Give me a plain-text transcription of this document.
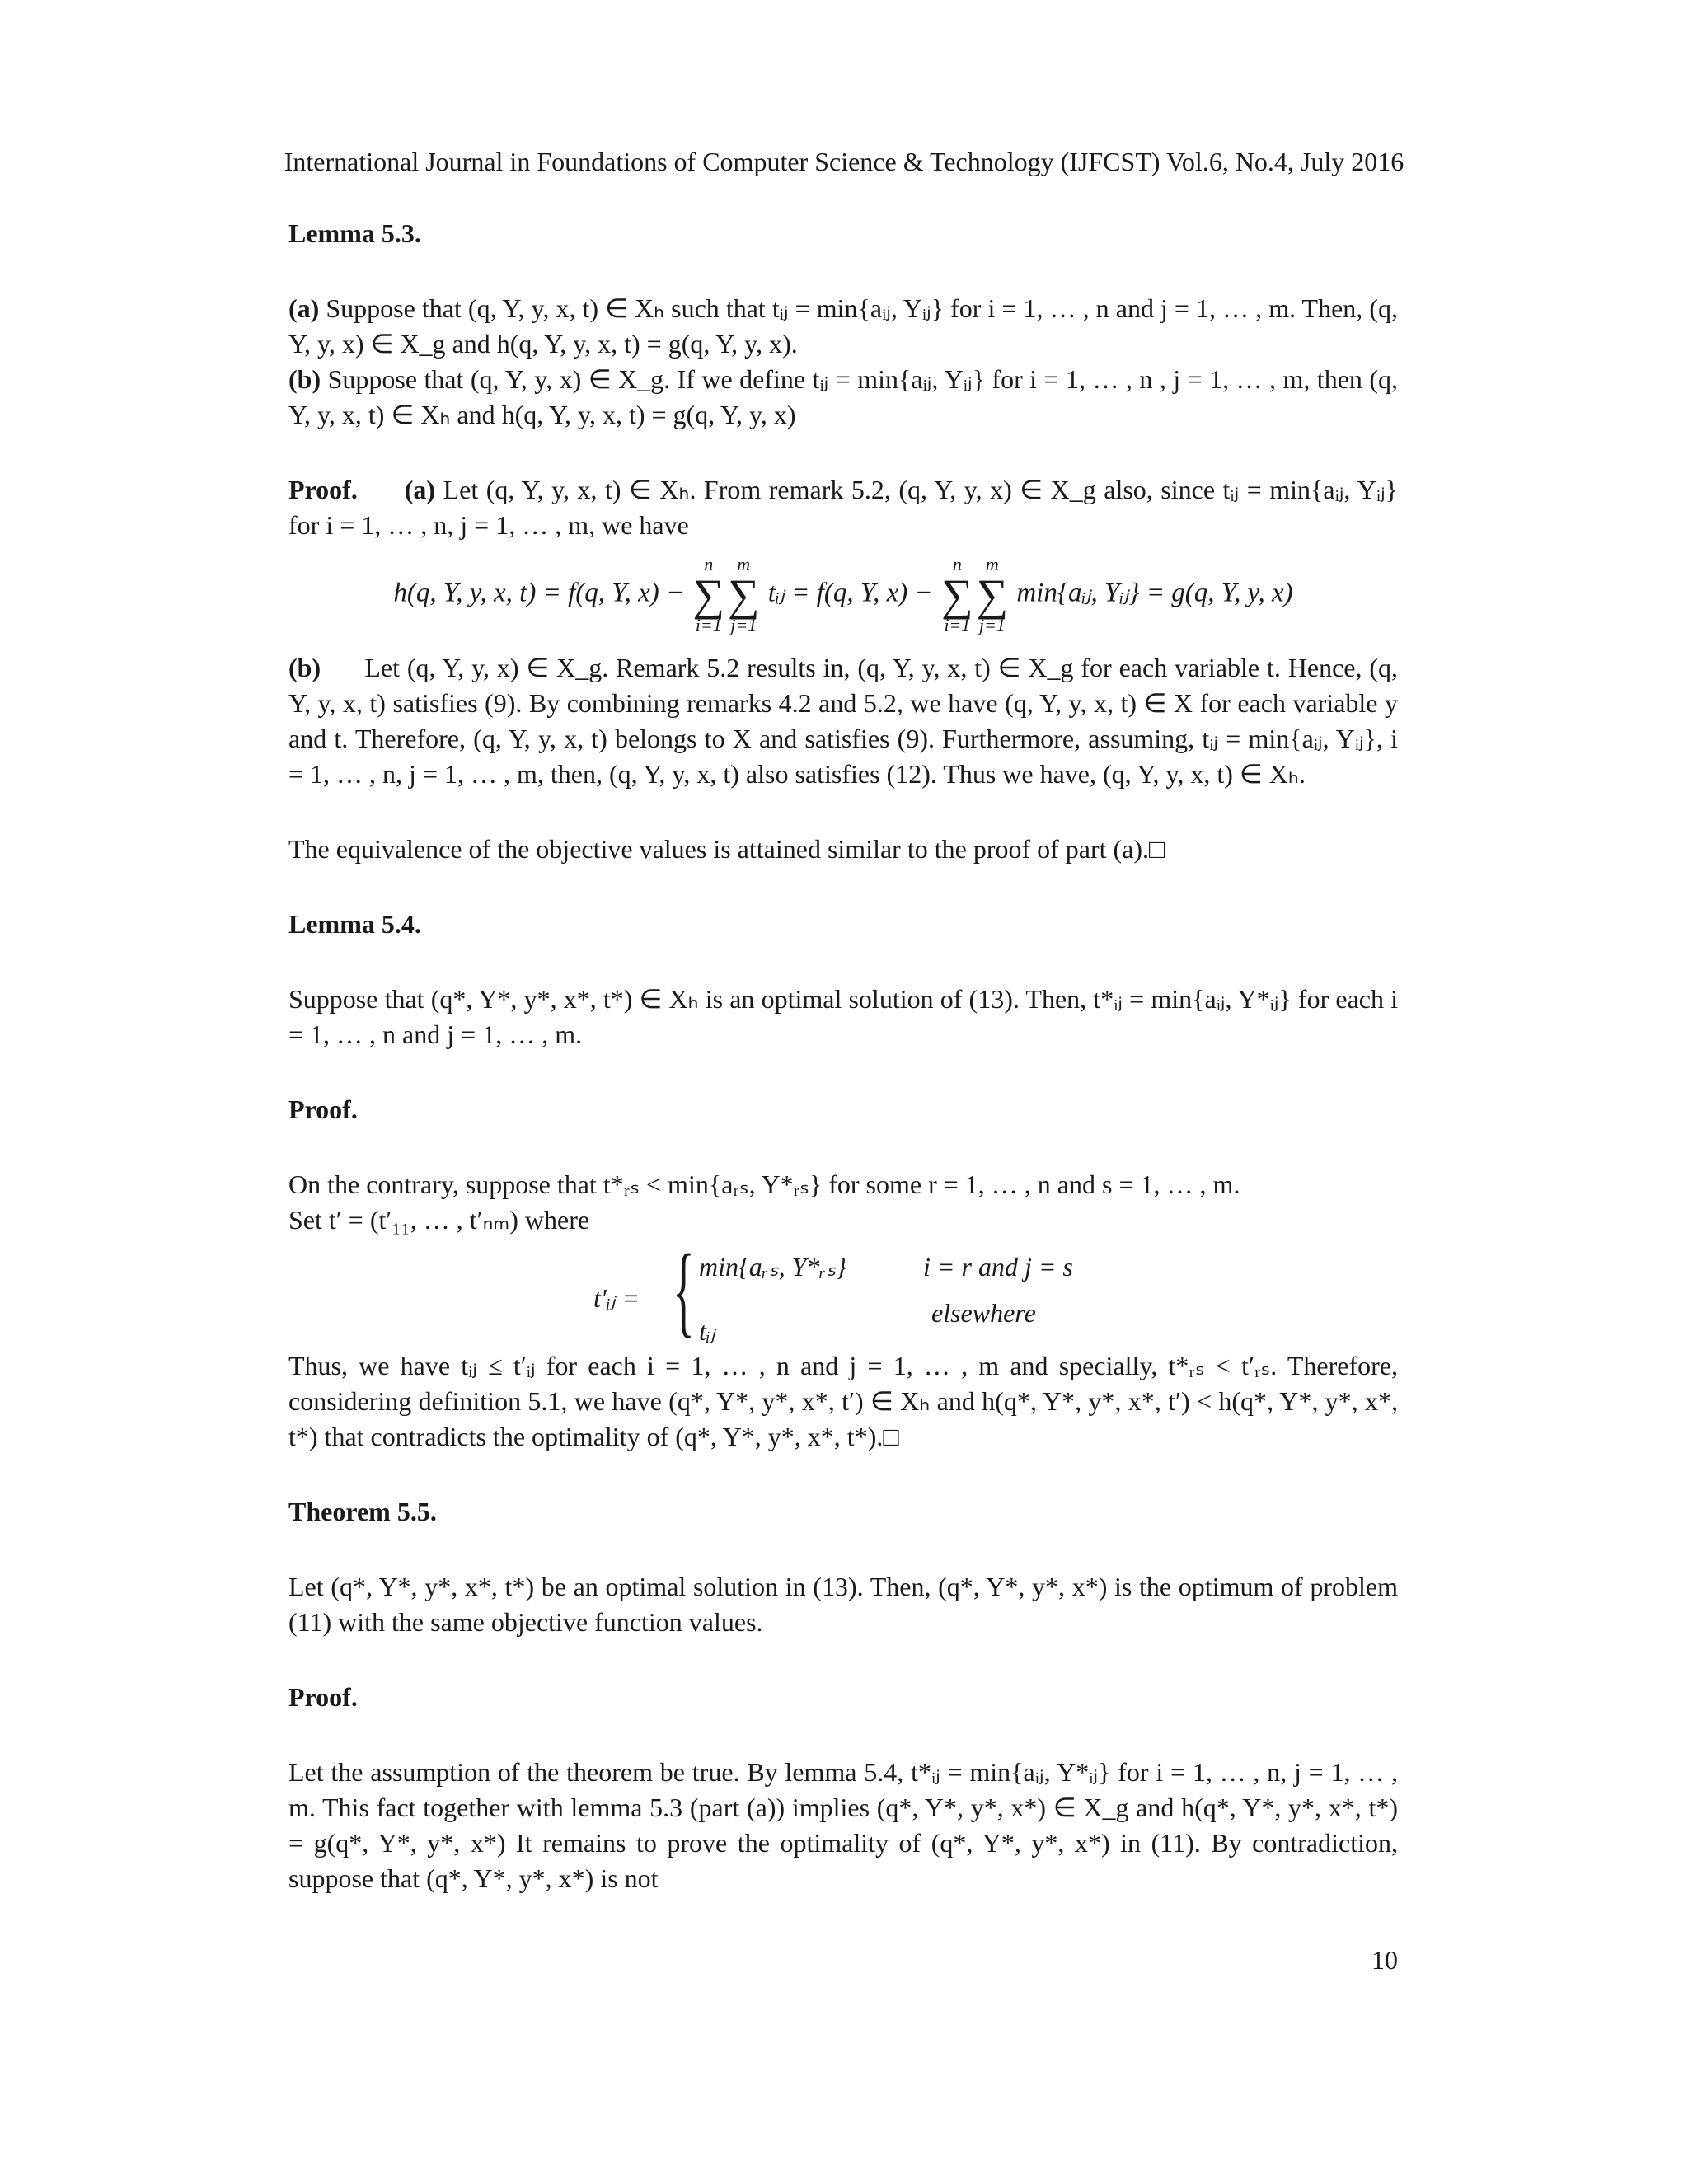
International Journal in Foundations of Computer Science & Technology (IJFCST) Vol.6, No.4, July 2016
Lemma 5.3.

(a) Suppose that (q, Y, y, x, t) ∈ Xₕ such that tᵢⱼ = min{aᵢⱼ, Yᵢⱼ} for i = 1, … , n and j = 1, … , m. Then, (q, Y, y, x) ∈ X_g and h(q, Y, y, x, t) = g(q, Y, y, x).

(b) Suppose that (q, Y, y, x) ∈ X_g. If we define tᵢⱼ = min{aᵢⱼ, Yᵢⱼ} for i = 1, … , n , j = 1, … , m, then (q, Y, y, x, t) ∈ Xₕ and h(q, Y, y, x, t) = g(q, Y, y, x)

Proof. (a) Let (q, Y, y, x, t) ∈ Xₕ. From remark 5.2, (q, Y, y, x) ∈ X_g also, since tᵢⱼ = min{aᵢⱼ, Yᵢⱼ} for i = 1, … , n, j = 1, … , m, we have

h(q, Y, y, x, t) = f(q, Y, x) −
n
∑
i=1
m
∑
j=1
tᵢⱼ = f(q, Y, x) −
n
∑
i=1
m
∑
j=1
min{aᵢⱼ, Yᵢⱼ} = g(q, Y, y, x)

(b) Let (q, Y, y, x) ∈ X_g. Remark 5.2 results in, (q, Y, y, x, t) ∈ X_g for each variable t. Hence, (q, Y, y, x, t) satisfies (9). By combining remarks 4.2 and 5.2, we have (q, Y, y, x, t) ∈ X for each variable y and t. Therefore, (q, Y, y, x, t) belongs to X and satisfies (9). Furthermore, assuming, tᵢⱼ = min{aᵢⱼ, Yᵢⱼ}, i = 1, … , n, j = 1, … , m, then, (q, Y, y, x, t) also satisfies (12). Thus we have, (q, Y, y, x, t) ∈ Xₕ.

The equivalence of the objective values is attained similar to the proof of part (a).□

Lemma 5.4.

Suppose that (q*, Y*, y*, x*, t*) ∈ Xₕ is an optimal solution of (13). Then, t*ᵢⱼ = min{aᵢⱼ, Y*ᵢⱼ} for each i = 1, … , n and j = 1, … , m.

Proof.

On the contrary, suppose that t*ᵣₛ < min{aᵣₛ, Y*ᵣₛ} for some r = 1, … , n and s = 1, … , m.

Set t′ = (t′₁₁, … , t′ₙₘ) where

t′ᵢⱼ = { min{aᵣₛ, Y*ᵣₛ}	i = r and j = s
tᵢⱼ
elsewhere

Thus, we have tᵢⱼ ≤ t′ᵢⱼ for each i = 1, … , n and j = 1, … , m and specially, t*ᵣₛ < t′ᵣₛ. Therefore, considering definition 5.1, we have (q*, Y*, y*, x*, t′) ∈ Xₕ and h(q*, Y*, y*, x*, t′) < h(q*, Y*, y*, x*, t*) that contradicts the optimality of (q*, Y*, y*, x*, t*).□

Theorem 5.5.

Let (q*, Y*, y*, x*, t*) be an optimal solution in (13). Then, (q*, Y*, y*, x*) is the optimum of problem (11) with the same objective function values.

Proof.

Let the assumption of the theorem be true. By lemma 5.4, t*ᵢⱼ = min{aᵢⱼ, Y*ᵢⱼ} for i = 1, … , n, j = 1, … , m. This fact together with lemma 5.3 (part (a)) implies (q*, Y*, y*, x*) ∈ X_g and h(q*, Y*, y*, x*, t*) = g(q*, Y*, y*, x*) It remains to prove the optimality of (q*, Y*, y*, x*) in (11). By contradiction, suppose that (q*, Y*, y*, x*) is not

10
